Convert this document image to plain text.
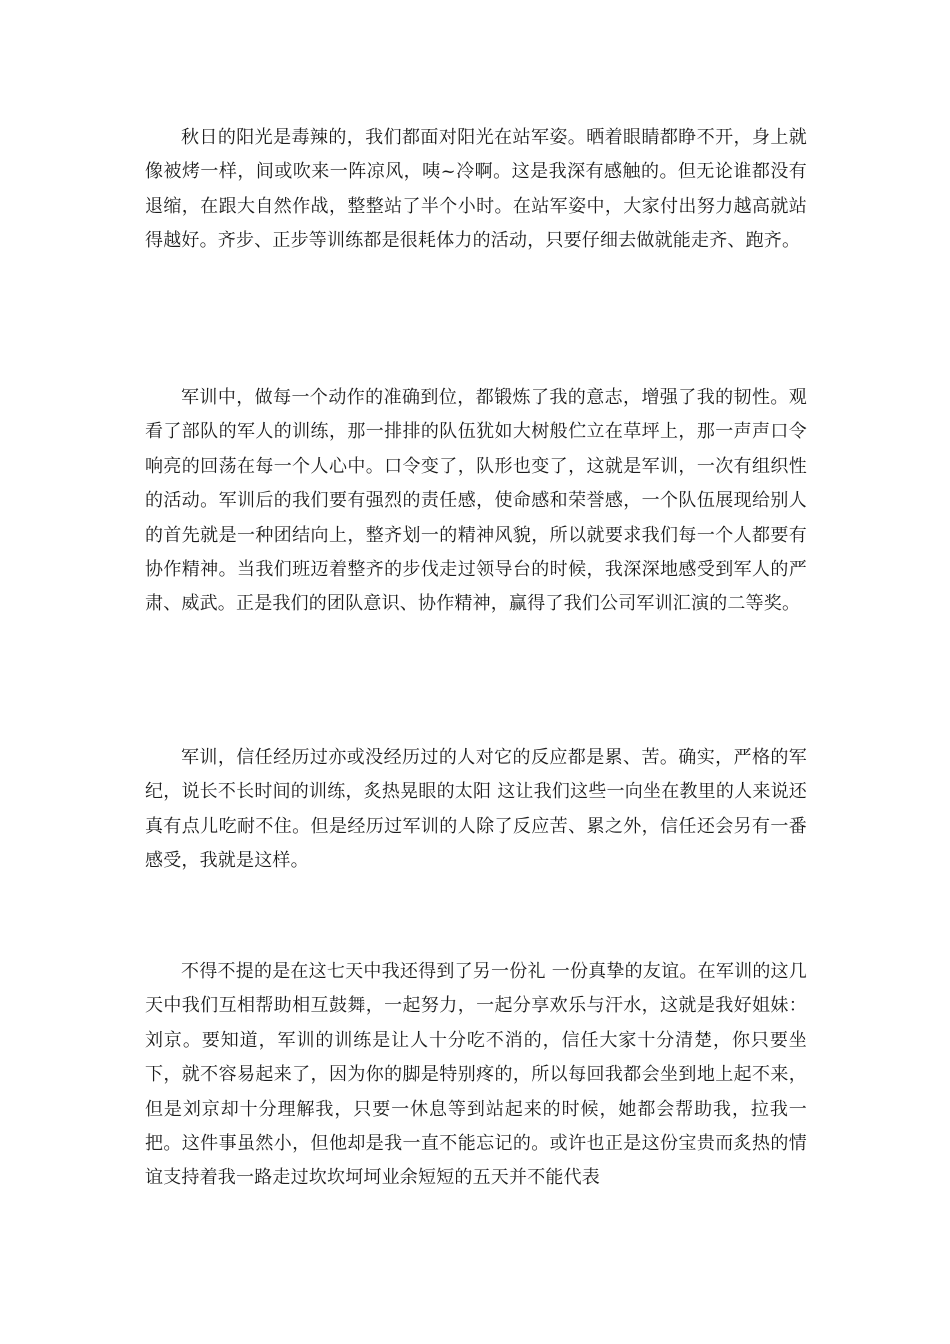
秋日的阳光是毒辣的，我们都面对阳光在站军姿。晒着眼睛都睁不开，身上就像被烤一样，间或吹来一阵凉风，咦~冷啊。这是我深有感触的。但无论谁都没有退缩，在跟大自然作战，整整站了半个小时。在站军姿中，大家付出努力越高就站得越好。齐步、正步等训练都是很耗体力的活动，只要仔细去做就能走齐、跑齐。

军训中，做每一个动作的准确到位，都锻炼了我的意志，增强了我的韧性。观看了部队的军人的训练，那一排排的队伍犹如大树般伫立在草坪上，那一声声口令响亮的回荡在每一个人心中。口令变了，队形也变了，这就是军训，一次有组织性的活动。军训后的我们要有强烈的责任感，使命感和荣誉感，一个队伍展现给别人的首先就是一种团结向上，整齐划一的精神风貌，所以就要求我们每一个人都要有协作精神。当我们班迈着整齐的步伐走过领导台的时候，我深深地感受到军人的严肃、威武。正是我们的团队意识、协作精神，赢得了我们公司军训汇演的二等奖。

军训，信任经历过亦或没经历过的人对它的反应都是累、苦。确实，严格的军纪，说长不长时间的训练，炙热晃眼的太阳 这让我们这些一向坐在教里的人来说还真有点儿吃耐不住。但是经历过军训的人除了反应苦、累之外，信任还会另有一番感受，我就是这样。

不得不提的是在这七天中我还得到了另一份礼 一份真挚的友谊。在军训的这几天中我们互相帮助相互鼓舞，一起努力，一起分享欢乐与汗水，这就是我好姐妹：刘京。要知道，军训的训练是让人十分吃不消的，信任大家十分清楚，你只要坐下，就不容易起来了，因为你的脚是特别疼的，所以每回我都会坐到地上起不来，但是刘京却十分理解我，只要一休息等到站起来的时候，她都会帮助我，拉我一把。这件事虽然小，但他却是我一直不能忘记的。或许也正是这份宝贵而炙热的情谊支持着我一路走过坎坎坷坷业余短短的五天并不能代表
